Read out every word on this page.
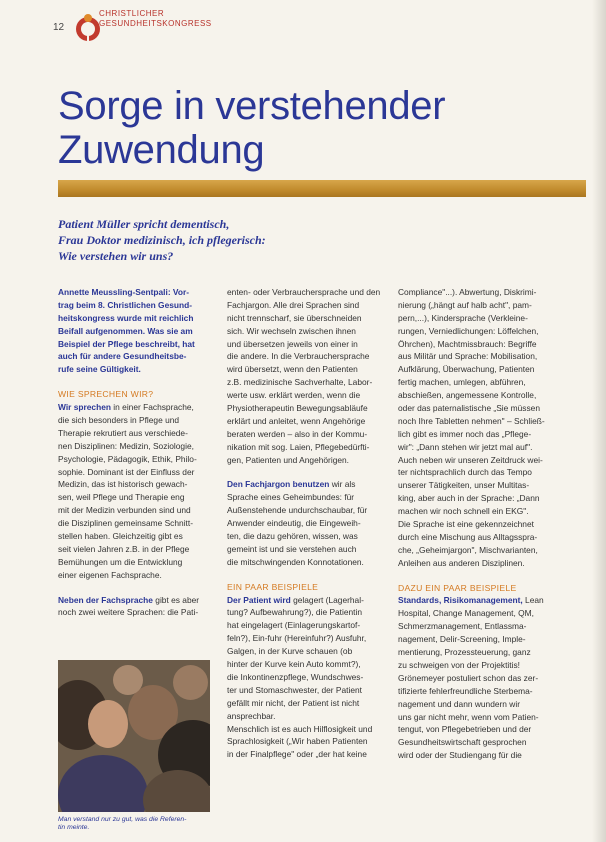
12
CHRISTLICHER
GESUNDHEITSKONGRESS
Sorge in verstehender
Zuwendung
Patient Müller spricht dementisch,
Frau Doktor medizinisch, ich pflegerisch:
Wie verstehen wir uns?
Annette Meussling-Sentpali: Vor-
trag beim 8. Christlichen Gesund-
heitskongress wurde mit reichlich
Beifall aufgenommen. Was sie am
Beispiel der Pflege beschreibt, hat
auch für andere Gesundheitsbe-
rufe seine Gültigkeit.
WIE SPRECHEN WIR?
Wir sprechen in einer Fachsprache,
die sich besonders in Pflege und
Therapie rekrutiert aus verschiede-
nen Disziplinen: Medizin, Soziologie,
Psychologie, Pädagogik, Ethik, Philo-
sophie. Dominant ist der Einfluss der
Medizin, das ist historisch gewach-
sen, weil Pflege und Therapie eng
mit der Medizin verbunden sind und
die Disziplinen gemeinsame Schnitt-
stellen haben. Gleichzeitig gibt es
seit vielen Jahren z.B. in der Pflege
Bemühungen um die Entwicklung
einer eigenen Fachsprache.
Neben der Fachsprache gibt es aber
noch zwei weitere Sprachen: die Pati-
Man verstand nur zu gut, was die Referen-
tin meinte.
enten- oder Verbrauchersprache und den
Fachjargon. Alle drei Sprachen sind
nicht trennscharf, sie überschneiden
sich. Wir wechseln zwischen ihnen
und übersetzen jeweils von einer in
die andere. In die Verbrauchersprache
wird übersetzt, wenn den Patienten
z.B. medizinische Sachverhalte, Labor-
werte usw. erklärt werden, wenn die
Physiotherapeutin Bewegungsabläufe
erklärt und anleitet, wenn Angehörige
beraten werden – also in der Kommu-
nikation mit sog. Laien, Pflegebedürfti-
gen, Patienten und Angehörigen.
Den Fachjargon benutzen wir als
Sprache eines Geheimbundes: für
Außenstehende undurchschaubar, für
Anwender eindeutig, die Eingeweih-
ten, die dazu gehören, wissen, was
gemeint ist und sie verstehen auch
die mitschwingenden Konnotationen.
EIN PAAR BEISPIELE
Der Patient wird gelagert (Lagerhal-
tung? Aufbewahrung?), die Patientin
hat eingelagert (Einlagerungskartof-
feln?), Ein-fuhr (Hereinfuhr?) Ausfuhr,
Galgen, in der Kurve schauen (ob
hinter der Kurve kein Auto kommt?),
die Inkontinenzpflege, Wundschwes-
ter und Stomaschwester, der Patient
gefällt mir nicht, der Patient ist nicht
ansprechbar.
Menschlich ist es auch Hilflosigkeit und
Sprachlosigkeit („Wir haben Patienten
in der Finalpflege" oder „der hat keine
Compliance"...). Abwertung, Diskrimi-
nierung („hängt auf halb acht", pam-
pern,...), Kindersprache (Verkleine-
rungen, Verniedlichungen: Löffelchen,
Öhrchen), Machtmissbrauch: Begriffe
aus Militär und Sprache: Mobilisation,
Aufklärung, Überwachung, Patienten
fertig machen, umlegen, abführen,
abschießen, angemessene Kontrolle,
oder das paternalistische „Sie müssen
noch Ihre Tabletten nehmen" – Schließ-
lich gibt es immer noch das „Pflege-
wir": „Dann stehen wir jetzt mal auf".
Auch neben wir unseren Zeitdruck wei-
ter nichtsprachlich durch das Tempo
unserer Tätigkeiten, unser Multitas-
king, aber auch in der Sprache: „Dann
machen wir noch schnell ein EKG".
Die Sprache ist eine gekennzeichnet
durch eine Mischung aus Alltagsspra-
che, „Geheimjargon", Mischvarianten,
Anleihen aus anderen Disziplinen.
DAZU EIN PAAR BEISPIELE
Standards, Risikomanagement, Lean
Hospital, Change Management, QM,
Schmerzmanagement, Entlassma-
nagement, Delir-Screening, Imple-
mentierung, Prozessteuerung, ganz
zu schweigen von der Projektitis!
Grönemeyer postuliert schon das zer-
tifizierte fehlerfreundliche Sterbema-
nagement und dann wundern wir
uns gar nicht mehr, wenn vom Patien-
tengut, von Pflegebetrieben und der
Gesundheitswirtschaft gesprochen
wird oder der Studiengang für die
